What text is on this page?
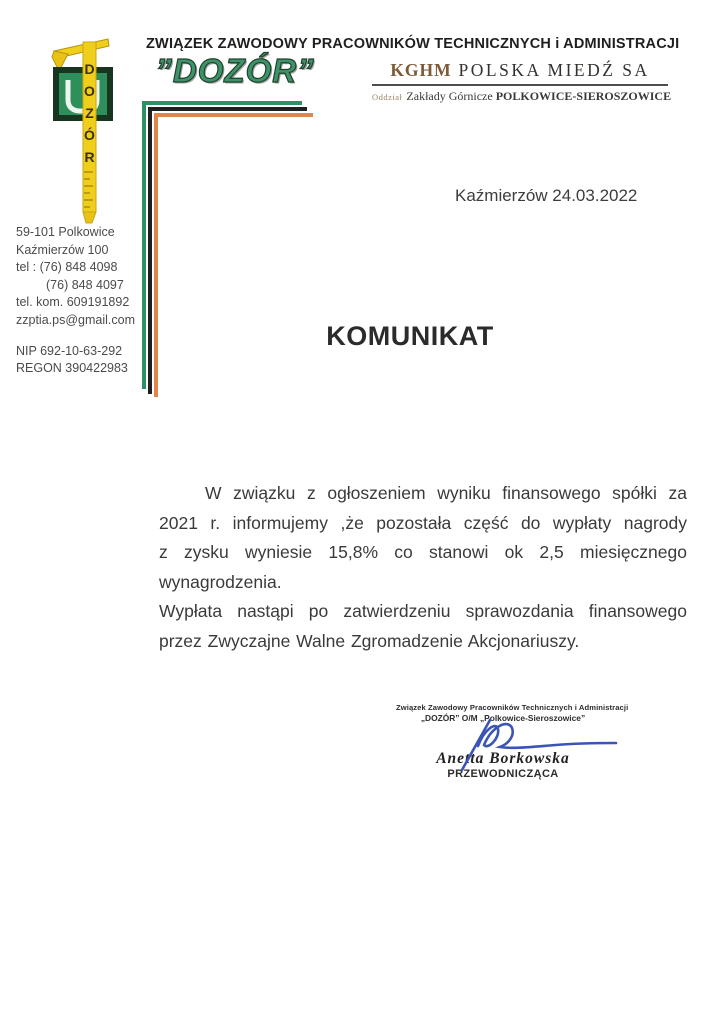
D
O
Z
Ó
R
ZWIĄZEK ZAWODOWY PRACOWNIKÓW TECHNICZNYCH i ADMINISTRACJI
”DOZÓR”	KGHM POLSKA MIEDŹ SA
Oddział Zakłady Górnicze POLKOWICE-SIEROSZOWICE
Kaźmierzów 24.03.2022
59-101 Polkowice
Kaźmierzów 100
tel : (76) 848 4098
(76) 848 4097
tel. kom. 609191892
zzptia.ps@gmail.com
NIP 692-10-63-292
REGON 390422983
KOMUNIKAT
W związku z ogłoszeniem wyniku finansowego spółki za
2021 r. informujemy ,że pozostała część do wypłaty nagrody
z zysku wyniesie 15,8% co stanowi ok 2,5 miesięcznego
wynagrodzenia.
Wypłata nastąpi po zatwierdzeniu sprawozdania finansowego
przez Zwyczajne Walne Zgromadzenie Akcjonariuszy.
Związek Zawodowy Pracowników Technicznych i Administracji
„DOZÓR” O/M „Polkowice-Sieroszowice”
Anetta Borkowska
PRZEWODNICZĄCA
